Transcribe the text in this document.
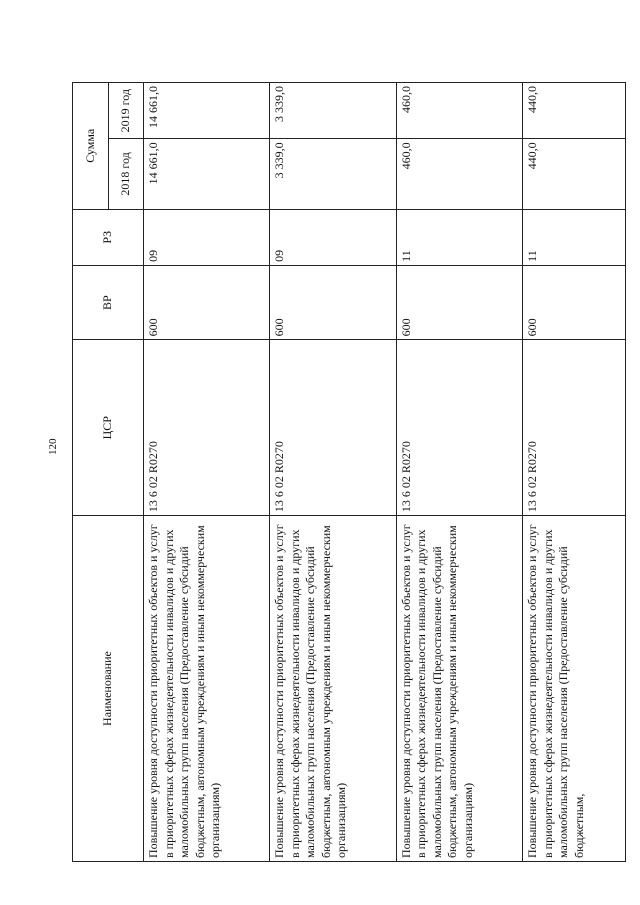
120
Наименование	ЦСР	ВР	РЗ	Сумма	
				2018 год	2019 год
Повышение уровня доступности приоритетных объектов и услуг в приоритетных сферах жизнедеятельности инвалидов и других маломобильных групп населения (Предоставление субсидий бюджетным, автономным учреждениям и иным некоммерческим организациям)	13 6 02 R0270	600	09	14 661,0	14 661,0
Повышение уровня доступности приоритетных объектов и услуг в приоритетных сферах жизнедеятельности инвалидов и других маломобильных групп населения (Предоставление субсидий бюджетным, автономным учреждениям и иным некоммерческим организациям)	13 6 02 R0270	600	09	3 339,0	3 339,0
Повышение уровня доступности приоритетных объектов и услуг в приоритетных сферах жизнедеятельности инвалидов и других маломобильных групп населения (Предоставление субсидий бюджетным, автономным учреждениям и иным некоммерческим организациям)	13 6 02 R0270	600	11	460,0	460,0
Повышение уровня доступности приоритетных объектов и услуг в приоритетных сферах жизнедеятельности инвалидов и других маломобильных групп населения (Предоставление субсидий бюджетным,	13 6 02 R0270	600	11	440,0	440,0
